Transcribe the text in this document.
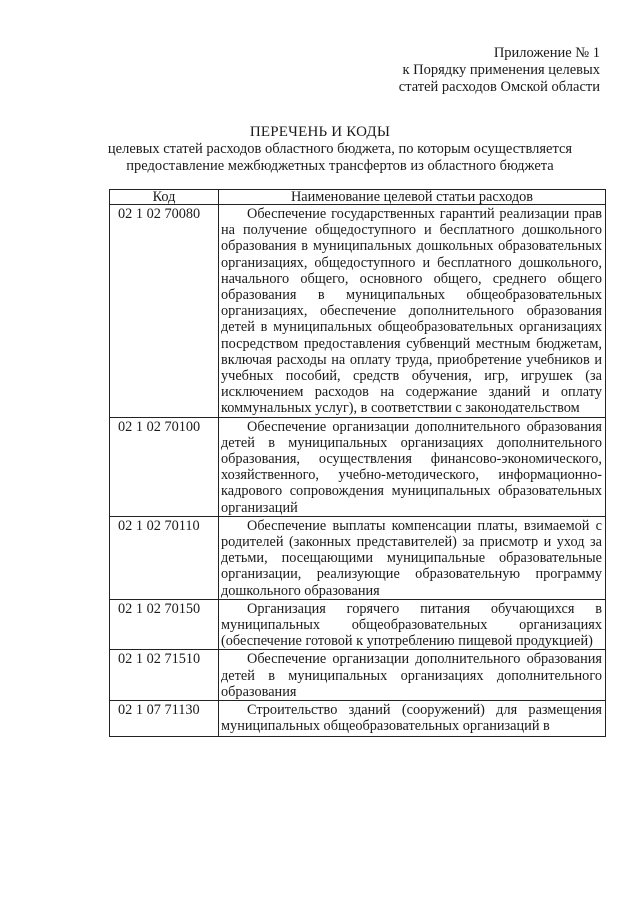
Приложение № 1
к Порядку применения целевых
статей расходов Омской области
ПЕРЕЧЕНЬ И КОДЫ
целевых статей расходов областного бюджета, по которым осуществляется
предоставление межбюджетных трансфертов из областного бюджета
Код	Наименование целевой статьи расходов
02 1 02 70080	Обеспечение государственных гарантий реализации прав на получение общедоступного и бесплатного дошкольного образования в муниципальных дошкольных образовательных организациях, общедоступного и бесплатного дошкольного, начального общего, основного общего, среднего общего образования в муниципальных общеобразовательных организациях, обеспечение дополнительного образования детей в муниципальных общеобразовательных организациях посредством предоставления субвенций местным бюджетам, включая расходы на оплату труда, приобретение учебников и учебных пособий, средств обучения, игр, игрушек (за исключением расходов на содержание зданий и оплату коммунальных услуг), в соответствии с законодательством

02 1 02 70100	Обеспечение организации дополнительного образования детей в муниципальных организациях дополнительного образования, осуществления финансово-экономического, хозяйственного, учебно-методического, информационно-кадрового сопровождения муниципальных образовательных организаций

02 1 02 70110	Обеспечение выплаты компенсации платы, взимаемой с родителей (законных представителей) за присмотр и уход за детьми, посещающими муниципальные образовательные организации, реализующие образовательную программу дошкольного образования

02 1 02 70150	Организация горячего питания обучающихся в муниципальных общеобразовательных организациях (обеспечение готовой к употреблению пищевой продукцией)

02 1 02 71510	Обеспечение организации дополнительного образования детей в муниципальных организациях дополнительного образования

02 1 07 71130	Строительство зданий (сооружений) для размещения муниципальных общеобразовательных организаций в
